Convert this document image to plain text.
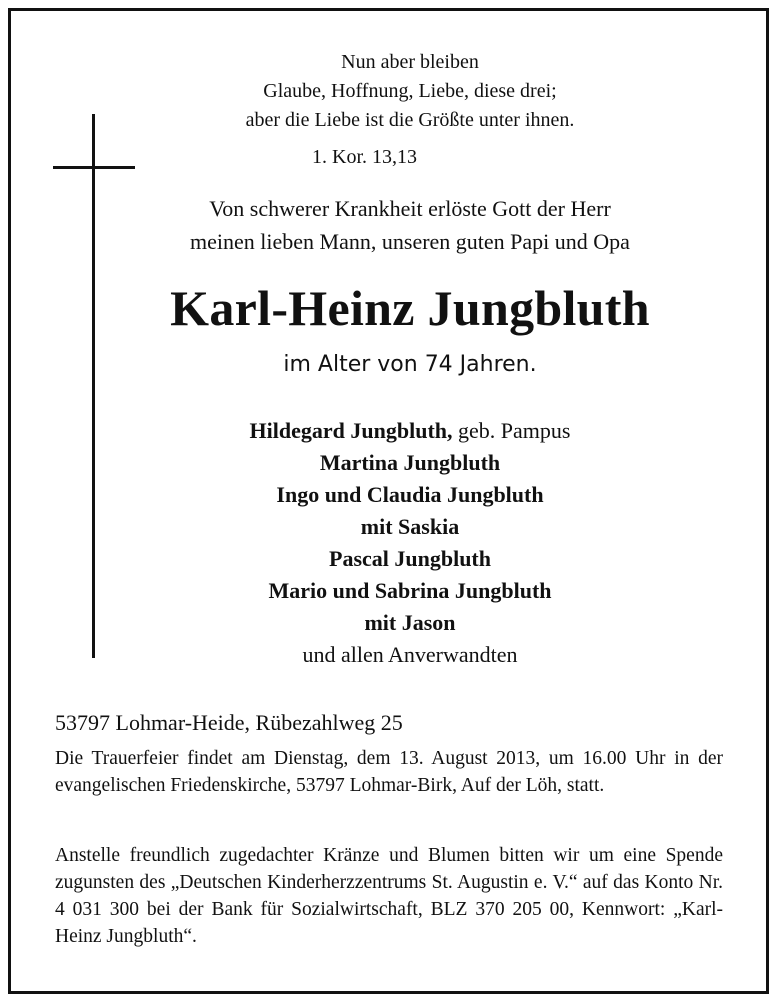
Nun aber bleiben
Glaube, Hoffnung, Liebe, diese drei;
aber die Liebe ist die Größte unter ihnen.
1. Kor. 13,13
Von schwerer Krankheit erlöste Gott der Herr
meinen lieben Mann, unseren guten Papi und Opa
Karl-Heinz Jungbluth
im Alter von 74 Jahren.
Hildegard Jungbluth, geb. Pampus
Martina Jungbluth
Ingo und Claudia Jungbluth
mit Saskia
Pascal Jungbluth
Mario und Sabrina Jungbluth
mit Jason
und allen Anverwandten
53797 Lohmar-Heide, Rübezahlweg 25
Die Trauerfeier findet am Dienstag, dem 13. August 2013, um 16.00 Uhr in der evangelischen Friedenskirche, 53797 Lohmar-Birk, Auf der Löh, statt.
Anstelle freundlich zugedachter Kränze und Blumen bitten wir um eine Spende zugunsten des „Deutschen Kinderherzzentrums St. Augustin e. V.“ auf das Konto Nr. 4 031 300 bei der Bank für Sozialwirtschaft, BLZ 370 205 00, Kennwort: „Karl-Heinz Jungbluth“.
